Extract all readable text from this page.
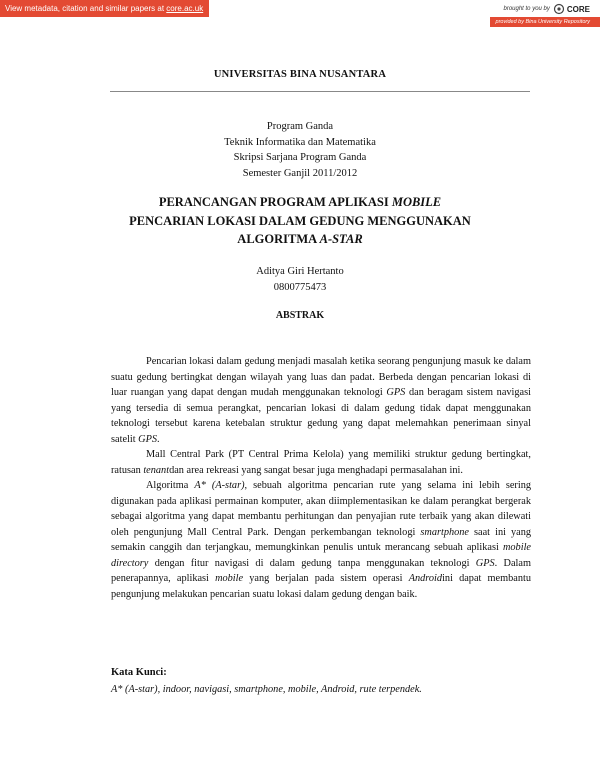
View metadata, citation and similar papers at core.ac.uk	brought to you by CORE
provided by Bina University Repository
UNIVERSITAS BINA NUSANTARA
Program Ganda
Teknik Informatika dan Matematika
Skripsi Sarjana Program Ganda
Semester Ganjil 2011/2012
PERANCANGAN PROGRAM APLIKASI MOBILE
PENCARIAN LOKASI DALAM GEDUNG MENGGUNAKAN
ALGORITMA A-STAR
Aditya Giri Hertanto
0800775473
ABSTRAK

Pencarian lokasi dalam gedung menjadi masalah ketika seorang pengunjung masuk ke dalam suatu gedung bertingkat dengan wilayah yang luas dan padat. Berbeda dengan pencarian lokasi di luar ruangan yang dapat dengan mudah menggunakan teknologi GPS dan beragam sistem navigasi yang tersedia di semua perangkat, pencarian lokasi di dalam gedung tidak dapat menggunakan teknologi tersebut karena ketebalan struktur gedung yang dapat melemahkan penerimaan sinyal satelit GPS.

Mall Central Park (PT Central Prima Kelola) yang memiliki struktur gedung bertingkat, ratusan tenantdan area rekreasi yang sangat besar juga menghadapi permasalahan ini.

Algoritma A* (A-star), sebuah algoritma pencarian rute yang selama ini lebih sering digunakan pada aplikasi permainan komputer, akan diimplementasikan ke dalam perangkat bergerak sebagai algoritma yang dapat membantu perhitungan dan penyajian rute terbaik yang akan dilewati oleh pengunjung Mall Central Park. Dengan perkembangan teknologi smartphone saat ini yang semakin canggih dan terjangkau, memungkinkan penulis untuk merancang sebuah aplikasi mobile directory dengan fitur navigasi di dalam gedung tanpa menggunakan teknologi GPS. Dalam penerapannya, aplikasi mobile yang berjalan pada sistem operasi Androidini dapat membantu pengunjung melakukan pencarian suatu lokasi dalam gedung dengan baik.

Kata Kunci:
A* (A-star), indoor, navigasi, smartphone, mobile, Android, rute terpendek.
